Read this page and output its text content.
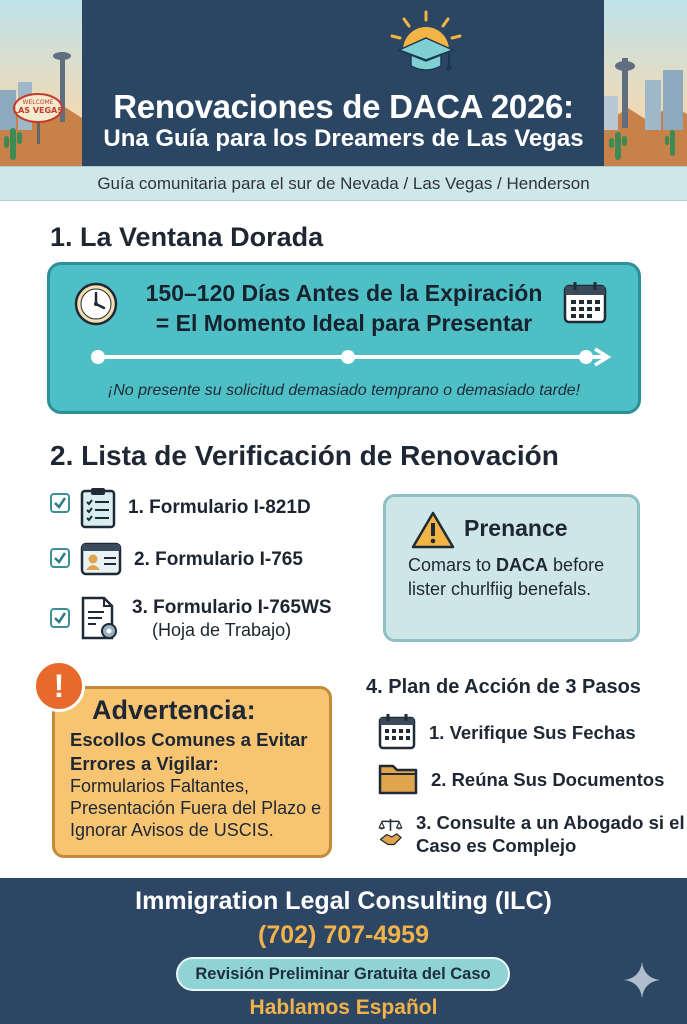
WELCOME
LAS VEGAS	Renovaciones de DACA 2026:
Una Guía para los Dreamers de Las Vegas
Guía comunitaria para el sur de Nevada / Las Vegas / Henderson
1. La Ventana Dorada
150–120 Días Antes de la Expiración
= El Momento Ideal para Presentar
¡No presente su solicitud demasiado temprano o demasiado tarde!
2. Lista de Verificación de Renovación
1. Formulario I-821D
2. Formulario I-765
3. Formulario I-765WS
(Hoja de Trabajo)
Prenance
Comars to DACA before lister churlfiig benefals.
Advertencia:
Escollos Comunes a Evitar
Errores a Vigilar:
Formularios Faltantes, Presentación Fuera del Plazo e Ignorar Avisos de USCIS.
!	4. Plan de Acción de 3 Pasos
1. Verifique Sus Fechas
2. Reúna Sus Documentos
3. Consulte a un Abogado si el Caso es Complejo
Immigration Legal Consulting (ILC)
(702) 707-4959
Revisión Preliminar Gratuita del Caso
Hablamos Español
